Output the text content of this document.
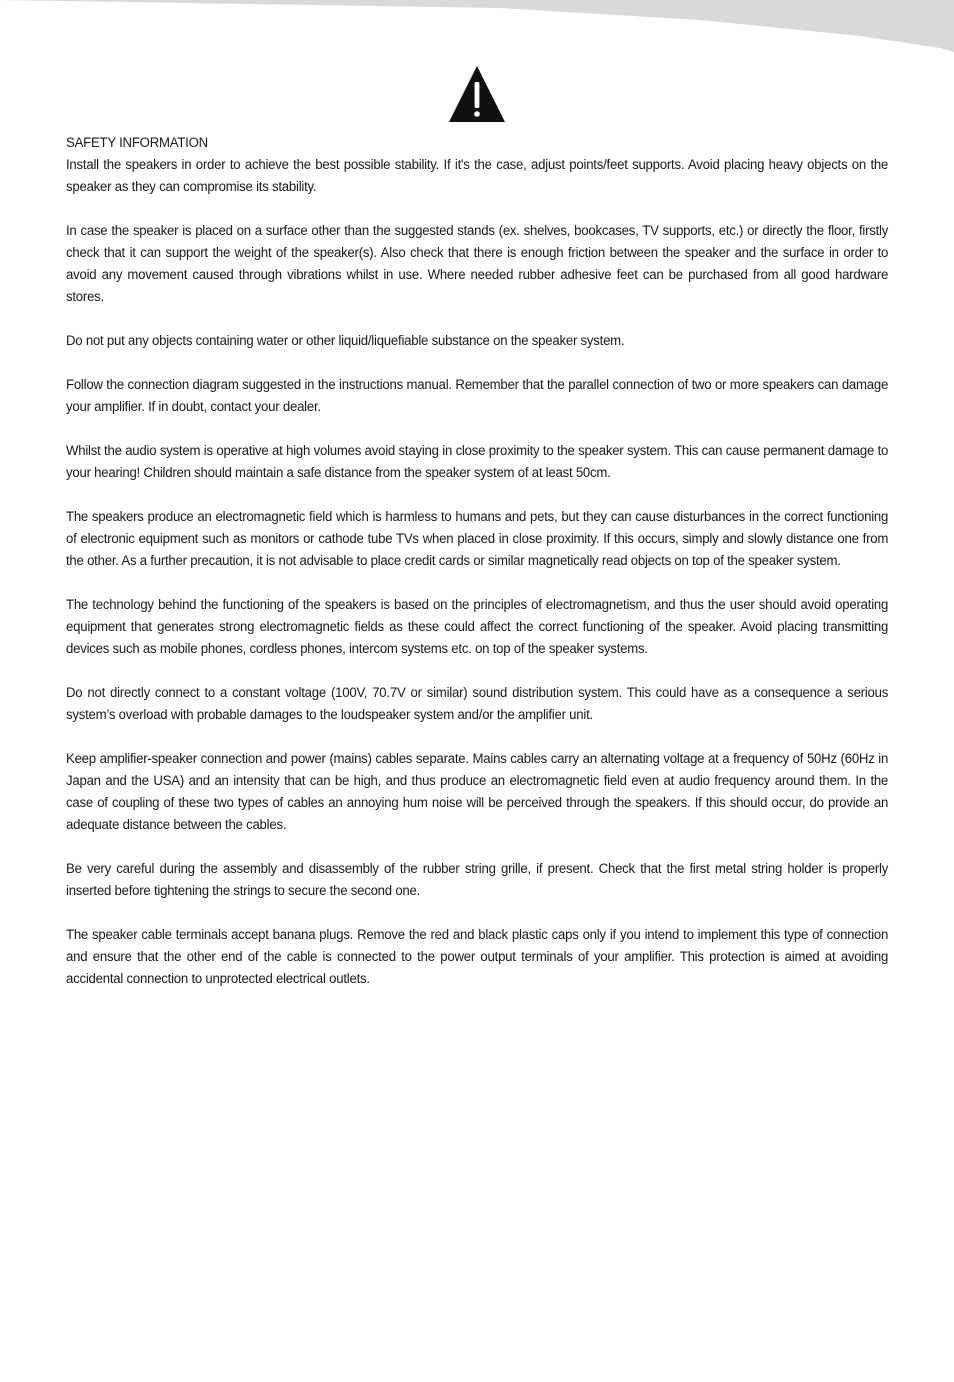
SAFETY INFORMATION

Install the speakers in order to achieve the best possible stability. If it's the case, adjust points/feet supports. Avoid placing heavy objects on the speaker as they can compromise its stability.

In case the speaker is placed on a surface other than the suggested stands (ex. shelves, bookcases, TV supports, etc.) or directly the floor, firstly check that it can support the weight of the speaker(s). Also check that there is enough friction between the speaker and the surface in order to avoid any movement caused through vibrations whilst in use. Where needed rubber adhesive feet can be purchased from all good hardware stores.

Do not put any objects containing water or other liquid/liquefiable substance on the speaker system.

Follow the connection diagram suggested in the instructions manual. Remember that the parallel connection of two or more speakers can damage your amplifier. If in doubt, contact your dealer.

Whilst the audio system is operative at high volumes avoid staying in close proximity to the speaker system. This can cause permanent damage to your hearing! Children should maintain a safe distance from the speaker system of at least 50cm.

The speakers produce an electromagnetic field which is harmless to humans and pets, but they can cause disturbances in the correct functioning of electronic equipment such as monitors or cathode tube TVs when placed in close proximity. If this occurs, simply and slowly distance one from the other. As a further precaution, it is not advisable to place credit cards or similar magnetically read objects on top of the speaker system.

The technology behind the functioning of the speakers is based on the principles of electromagnetism, and thus the user should avoid operating equipment that generates strong electromagnetic fields as these could affect the correct functioning of the speaker. Avoid placing transmitting devices such as mobile phones, cordless phones, intercom systems etc. on top of the speaker systems.

Do not directly connect to a constant voltage (100V, 70.7V or similar) sound distribution system. This could have as a consequence a serious system’s overload with probable damages to the loudspeaker system and/or the amplifier unit.

Keep amplifier-speaker connection and power (mains) cables separate. Mains cables carry an alternating voltage at a frequency of 50Hz (60Hz in Japan and the USA) and an intensity that can be high, and thus produce an electromagnetic field even at audio frequency around them. In the case of coupling of these two types of cables an annoying hum noise will be perceived through the speakers. If this should occur, do provide an adequate distance between the cables.

Be very careful during the assembly and disassembly of the rubber string grille, if present. Check that the first metal string holder is properly inserted before tightening the strings to secure the second one.

The speaker cable terminals accept banana plugs. Remove the red and black plastic caps only if you intend to implement this type of connection and ensure that the other end of the cable is connected to the power output terminals of your amplifier. This protection is aimed at avoiding accidental connection to unprotected electrical outlets.
